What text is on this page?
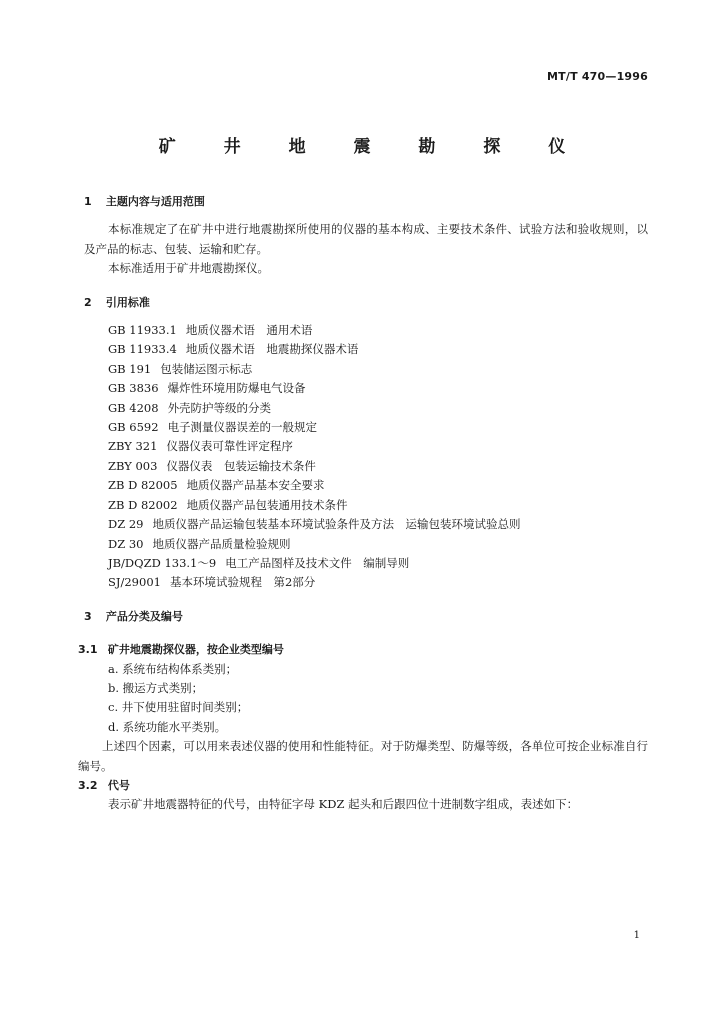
MT/T 470—1996
矿 井 地 震 勘 探 仪

1 主题内容与适用范围

本标准规定了在矿井中进行地震勘探所使用的仪器的基本构成、主要技术条件、试验方法和验收规则，以及产品的标志、包装、运输和贮存。

本标准适用于矿井地震勘探仪。

2 引用标准

GB 11933.1 地质仪器术语　通用术语

GB 11933.4 地质仪器术语　地震勘探仪器术语

GB 191 包装储运图示标志

GB 3836 爆炸性环境用防爆电气设备

GB 4208 外壳防护等级的分类

GB 6592 电子测量仪器误差的一般规定

ZBY 321 仪器仪表可靠性评定程序

ZBY 003 仪器仪表　包装运输技术条件

ZB D 82005 地质仪器产品基本安全要求

ZB D 82002 地质仪器产品包装通用技术条件

DZ 29 地质仪器产品运输包装基本环境试验条件及方法　运输包装环境试验总则

DZ 30 地质仪器产品质量检验规则

JB/DQZD 133.1～9 电工产品图样及技术文件　编制导则

SJ/29001 基本环境试验规程　第2部分

3 产品分类及编号

3.1 矿井地震勘探仪器，按企业类型编号

a. 系统布结构体系类别；

b. 搬运方式类别；

c. 井下使用驻留时间类别；

d. 系统功能水平类别。

上述四个因素，可以用来表述仪器的使用和性能特征。对于防爆类型、防爆等级，各单位可按企业标准自行编号。

3.2 代号

表示矿井地震器特征的代号，由特征字母 KDZ 起头和后跟四位十进制数字组成，表述如下：

1
